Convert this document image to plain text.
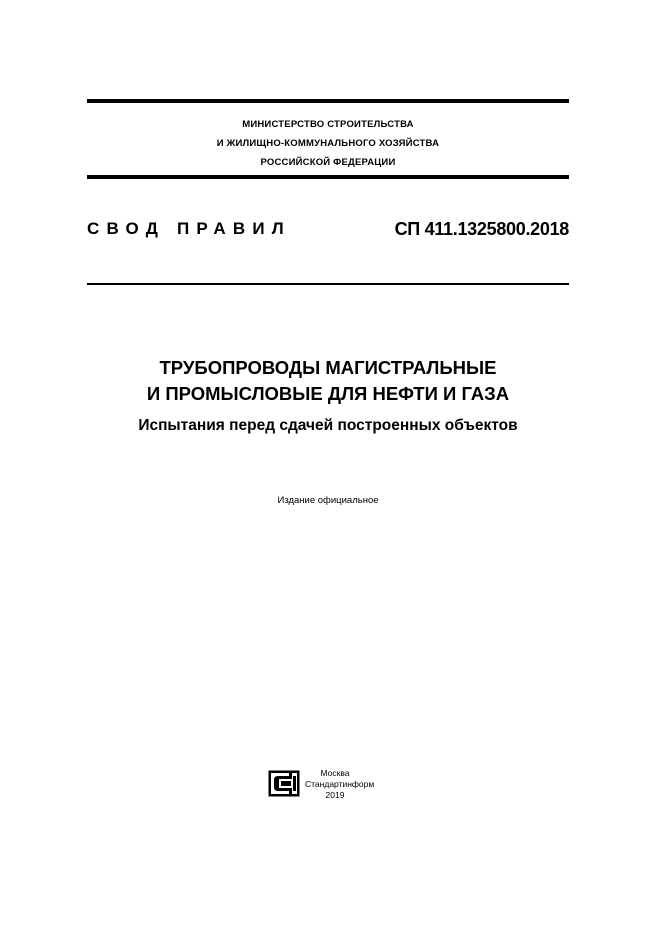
МИНИСТЕРСТВО СТРОИТЕЛЬСТВА
И ЖИЛИЩНО-КОММУНАЛЬНОГО ХОЗЯЙСТВА
РОССИЙСКОЙ ФЕДЕРАЦИИ
СВОД ПРАВИЛ	СП 411.1325800.2018
ТРУБОПРОВОДЫ МАГИСТРАЛЬНЫЕ
И ПРОМЫСЛОВЫЕ ДЛЯ НЕФТИ И ГАЗА
Испытания перед сдачей построенных объектов
Издание официальное
Москва
Стандартинформ
2019
